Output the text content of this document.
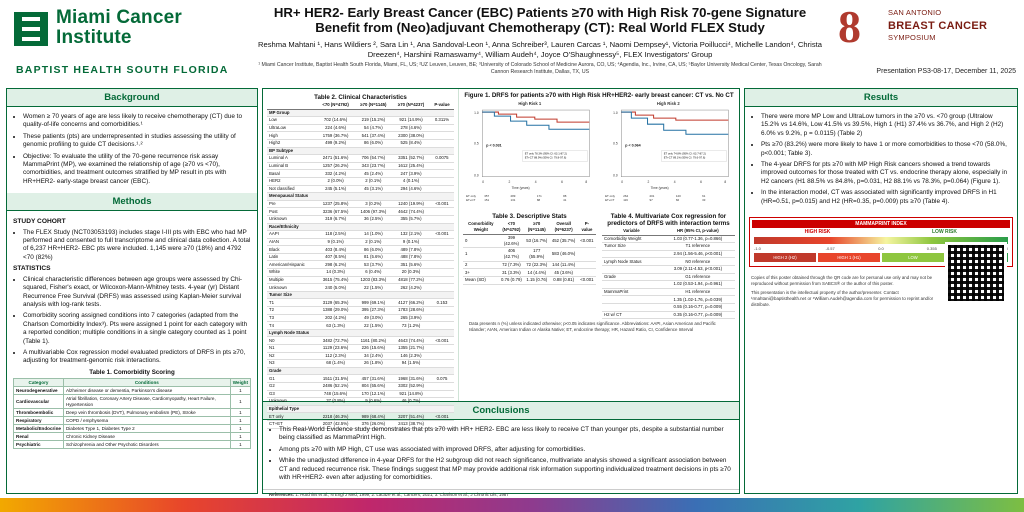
Miami Cancer
Institute
BAPTIST HEALTH SOUTH FLORIDA
HR+ HER2- Early Breast Cancer (EBC) Patients ≥70 with High Risk 70-gene Signature Benefit from (Neo)adjuvant Chemotherapy (CT): Real World FLEX Study
Reshma Mahtani ¹, Hans Wildiers ², Sara Lin ¹, Ana Sandoval-Leon ¹, Anna Schreiber³, Lauren Carcas ¹, Naomi Dempsey¹, Victoria Poillucci⁴, Michelle Landon⁴, Christa Dreezen⁴, Harshini Ramaswamy⁴, William Audeh⁴, Joyce O'Shaughnessy⁵, FLEX Investigators' Group
¹ Miami Cancer Institute, Baptist Health South Florida, Miami, FL, US; ²UZ Leuven, Leuven, BE; ³University of Colorado School of Medicine Aurora, CO, US; ⁴Agendia, Inc., Irvine, CA, US; ⁵Baylor University Medical Center, Texas Oncology, Sarah Cannon Research Institute, Dallas, TX, US
8	SAN ANTONIO
BREAST CANCER
SYMPOSIUM
Presentation PS3-08-17, December 11, 2025
Background
• Women ≥ 70 years of age are less likely to receive chemotherapy (CT) due to quality-of-life concerns and comorbidities.¹
• These patients (pts) are underrepresented in studies assessing the utility of genomic profiling to guide CT decisions.¹˒²
• Objective: To evaluate the utility of the 70-gene recurrence risk assay MammaPrint (MP), we examined the relationship of age (≥70 vs <70), comorbidities, and treatment outcomes stratified by MP result in pts with HR+HER2- early-stage breast cancer (EBC).
Methods
STUDY COHORT
• The FLEX Study (NCT03053193) includes stage I-III pts with EBC who had MP performed and consented to full transcriptome and clinical data collection. A total of 6,237 HR+HER2- EBC pts were included. 1,145 were ≥70 (18%) and 4792 <70 (82%)
STATISTICS
• Clinical characteristic differences between age groups were assessed by Chi-squared, Fisher's exact, or Wilcoxon-Mann-Whitney tests. 4-year (yr) Distant Recurrence Free Survival (DRFS) was assessed using Kaplan-Meier survival analysis with log-rank tests.
• Comorbidity scoring assigned conditions into 7 categories (adapted from the Charlson Comorbidity Index³). Pts were assigned 1 point for each category with a reported condition; multiple conditions in a single category counted as 1 point (Table 1).
• A multivariable Cox regression model evaluated predictors of DRFS in pts ≥70, adjusting for treatment-genomic risk interactions.
Table 1. Comorbidity Scoring
Category	Conditions	Weight
Neurodegenerative	Alzheimer disease or dementia, Parkinson's disease	1
Cardiovascular	Atrial fibrillation, Coronary Artery Disease, Cardiomyopathy, Heart Failure, Hypertension	1
Thromboembolic	Deep vein thrombosis (DVT), Pulmonary embolism (PE), Stroke	1
Respiratory	COPD / emphysema	1
Metabolic/Endocrine	Diabetes Type 1, Diabetes Type 2	1
Renal	Chronic Kidney Disease	1
Psychiatric	Schizophrenia and Other Psychotic Disorders	1
Table 2. Clinical Characteristics
	<70 (N=4792)	≥70 (N=1145)	≥70 (N=4237)	P-value
MP Group				
Low	702 (14.6%)	219 (15.2%)	921 (14.9%)	0.311%
UltraLow	224 (4.6%)	54 (4.7%)	278 (4.6%)	
High	1759 (36.7%)	541 (37.4%)	2300 (38.0%)	
High2	499 (9.2%)	86 (6.0%)	525 (8.4%)	
BP Subtype				
Luminal A	2471 (51.6%)	706 (54.7%)	3351 (52.7%)	0.0075
Luminal B	1257 (26.2%)	343 (23.7%)	1612 (25.4%)	
Basal	332 (4.2%)	45 (2.4%)	247 (3.9%)	
HER2	2 (0.0%)	2 (0.1%)	4 (0.1%)	
Not classified	245 (5.1%)	45 (3.1%)	294 (4.6%)	
Menopausal Status				
Pre	1237 (25.8%)	3 (0.2%)	1240 (19.9%)	<0.001
Post	3236 (67.5%)	1406 (97.3%)	4642 (74.4%)	
Unknown	319 (6.7%)	36 (2.5%)	355 (5.7%)	
Race/Ethnicity				
AAPI	118 (2.5%)	14 (1.0%)	132 (2.1%)	<0.001
AIAN	9 (0.1%)	2 (0.1%)	9 (0.1%)	
Black	403 (8.4%)	86 (6.0%)	489 (7.8%)	
Latin	407 (8.5%)	81 (5.6%)	488 (7.8%)	
American/Hispanic	298 (6.2%)	53 (3.7%)	351 (5.6%)	
White	14 (0.3%)	6 (0.4%)	20 (0.3%)	
Multiple	3615 (75.4%)	1203 (83.3%)	4818 (77.2%)	
Unknown	240 (5.0%)	22 (1.5%)	262 (4.2%)	
Tumor Size				
T1	3129 (65.3%)	999 (69.1%)	4127 (66.2%)	0.153
T2	1388 (29.0%)	395 (27.3%)	1783 (28.6%)	
T3	202 (4.2%)	49 (3.0%)	265 (3.9%)	
T4	63 (1.3%)	22 (1.5%)	73 (1.2%)	
Lymph Node Status				
N0	3482 (72.7%)	1161 (80.2%)	4643 (74.4%)	<0.001
N1	1129 (23.6%)	226 (15.6%)	1355 (21.7%)	
N2	112 (2.3%)	34 (2.4%)	146 (2.3%)	
N3	68 (1.4%)	26 (1.8%)	94 (1.5%)	
Grade				
G1	1511 (31.5%)	457 (31.6%)	1968 (31.6%)	0.075
G2	2486 (52.1%)	804 (55.6%)	3302 (52.9%)	
G3	748 (15.6%)	170 (12.1%)	921 (14.8%)	
Unknown	37 (0.8%)	9 (0.6%)	46 (0.7%)	
Epithelial Type				
ET only	2218 (46.3%)	989 (68.4%)	3207 (51.4%)	<0.001
CT+ET	2037 (42.5%)	376 (26.0%)	2413 (38.7%)	
Figure 1. DRFS for patients ≥70 with High Risk HR+HER2- early breast cancer: CT vs. No CT
High Risk 1
1.0
0.5
0.0
0	2	4	6	8
Time (years)
p < 0.031
ET only 78.3% (95% CI: 63.1-87.2)
ET+CT 88.9% (95% CI: 79.8-97.6)
ET only	357	289	171	88
ET+CT	151	131	88	41
High Risk 2
1.0
0.5
0.0
0	2	4	6	8
Time (years)
p < 0.064
ET only 74.8% (95% CI: 63.7-87.2)
ET+CT 89.1% (95% CI: 79.6-97.6)
ET only	264	201	120	61
ET+CT	116	97	66	33
Table 3. Descriptive Stats
Comorbidity Weight	<70 (N=4792)	≥70 (N=1145)	Overall (N=6237)	P-value
0	399 (42.6%)	53 (16.7%)	452 (35.7%)	<0.001
1	406 (42.7%)	177 (55.9%)	583 (46.0%)	
2	72 (7.3%)	72 (22.3%)	144 (11.4%)	
3+	31 (3.3%)	14 (4.4%)	45 (3.6%)	
Mean (SD)	0.76 (0.79)	1.15 (0.76)	0.88 (0.81)	<0.001
Table 4. Multivariate Cox regression for predictors of DRFS with interaction terms
Variable	HR (95% CI, p-value)
Comorbidity Weight	1.03 (0.77-1.36, p=0.866)
Tumor Size	T1 reference
	2.94 (1.56-5.46, p<0.001)
Lymph Node Status	N0 reference
	3.09 (2.11-4.53, p<0.001)
Grade	G1 reference
	1.02 (0.53-1.94, p=0.961)
MammaPrint	H1 reference
	1.35 (1.02-1.76, p=0.039)
	0.55 (0.16-0.77, p=0.009)
H2 w/ CT	0.35 (0.16-0.77, p=0.009)
Data presents n (%) unless indicated otherwise; p<0.05 indicates significance. Abbreviations: AAPI, Asian American and Pacific Islander; AIAN, American Indian or Alaska Native; ET, endocrine therapy; HR, Hazard Ratio, CI, Confidence Interval
Conclusions
• This Real-World Evidence study demonstrates that pts ≥70 with HR+ HER2- EBC are less likely to receive CT than younger pts, despite a substantial number being classified as MammaPrint High.
• Among pts ≥70 with MP High, CT use was associated with improved DRFS, after adjusting for comorbidities.
• While the unadjusted difference in 4-year DRFS for the H2 subgroup did not reach significance, multivariate analysis showed a significant association between CT and reduced recurrence risk. These findings suggest that MP may provide additional risk information supporting individualized treatment decisions in pts ≥70 with HR+HER2- even after adjusting for comorbidities.
References: 1. Hutchins et al., N Engl J Med, 1999; 2. Lacaze et al., Cancers, 2021; 3. Charlson et al., J Chronic Dis, 1987
Results
• There were more MP Low and UltraLow tumors in the ≥70 vs. <70 group (Ultralow 15.2% vs 14.6%, Low 41.5% vs 39.5%, High 1 (H1) 37.4% vs 36.7%, and High 2 (H2) 6.0% vs 9.2%, p = 0.0115) (Table 2)
• Pts ≥70 (83.2%) were more likely to have 1 or more comorbidities to those <70 (58.0%, p<0.001; Table 3).
• The 4-year DRFS for pts ≥70 with MP High Risk cancers showed a trend towards improved outcomes for those treated with CT vs. endocrine therapy alone, especially in H2 cancers (H1 88.5% vs 84.8%, p=0.031, H2 88.1% vs 78.3%, p=0.064) (Figure 1).
• In the interaction model, CT was associated with significantly improved DRFS in H1 (HR=0.51, p=0.015) and H2 (HR=0.35, p=0.009) pts ≥70 (Table 4).
MAMMAPRINT INDEX
HIGH RISK	LOW RISK
-1.0	-0.57	0.0	0.355
HIGH 2 (H2)	HIGH 1 (H1)	LOW
Copies of this poster obtained through the QR code are for personal use only and may not be reproduced without permission from SABCS® or the author of this poster.
This presentation is the intellectual property of the author/presenter. Contact ¹rmahtani@baptisthealth.net or ⁴William.Audeh@agendia.com for permission to reprint and/or distribute.
